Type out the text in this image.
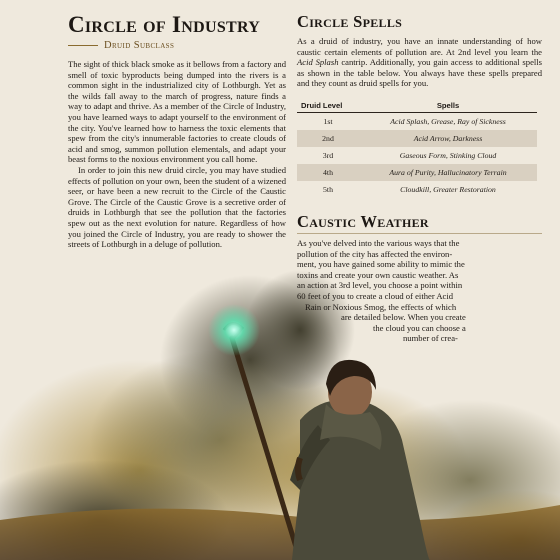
Circle of Industry
Druid Subclass

The sight of thick black smoke as it bellows from a factory and smell of toxic byproducts being dumped into the rivers is a common sight in the industrialized city of Lothburgh. Yet as the wilds fall away to the march of progress, nature finds a way to adapt and thrive. As a member of the Circle of Industry, you have learned ways to adapt yourself to the environment of the city. You've learned how to harness the toxic elements that spew from the city's innumerable factories to create clouds of acid and smog, summon pollution elementals, and adapt your beast forms to the noxious environment you call home.

In order to join this new druid circle, you may have studied effects of pollution on your own, been the student of a wizened seer, or have been a new recruit to the Circle of the Caustic Grove. The Circle of the Caustic Grove is a secretive order of druids in Lothburgh that see the pollution that the factories spew out as the next evolution for nature. Regardless of how you joined the Circle of Industry, you are ready to shower the streets of Lothburgh in a deluge of pollution.

Circle Spells

As a druid of industry, you have an innate understanding of how caustic certain elements of pollution are. At 2nd level you learn the Acid Splash cantrip. Additionally, you gain access to additional spells as shown in the table below. You always have these spells prepared and they count as druid spells for you.

Druid Level	Spells
1st	Acid Splash, Grease, Ray of Sickness
2nd	Acid Arrow, Darkness
3rd	Gaseous Form, Stinking Cloud
4th	Aura of Purity, Hallucinatory Terrain
5th	Cloudkill, Greater Restoration
Caustic Weather

As you've delved into the various ways that the

pollution of the city has affected the environ-

ment, you have gained some ability to mimic the

toxins and create your own caustic weather. As

an action at 3rd level, you choose a point within

60 feet of you to create a cloud of either Acid

Rain or Noxious Smog, the effects of which

are detailed below. When you create

the cloud you can choose a

number of crea-
